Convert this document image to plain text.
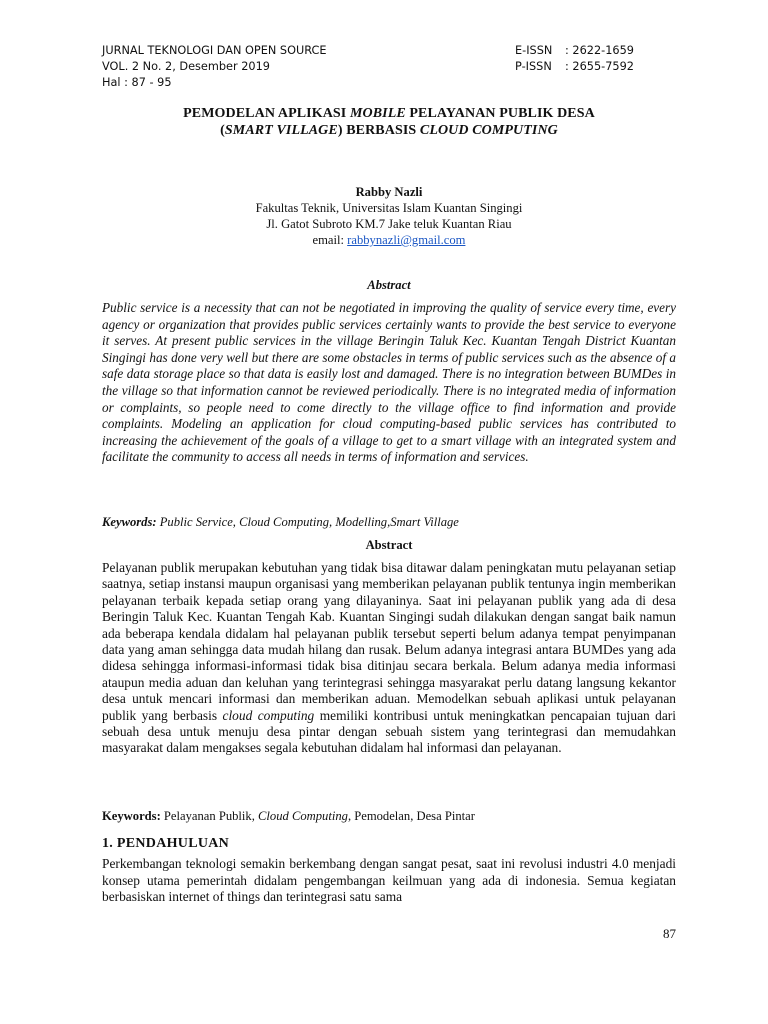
JURNAL TEKNOLOGI DAN OPEN SOURCE
VOL. 2 No. 2, Desember 2019
Hal : 87 - 95
E-ISSN	: 2622-1659
P-ISSN	: 2655-7592
PEMODELAN APLIKASI MOBILE PELAYANAN PUBLIK DESA
(SMART VILLAGE) BERBASIS CLOUD COMPUTING
Rabby Nazli
Fakultas Teknik, Universitas Islam Kuantan Singingi
Jl. Gatot Subroto KM.7 Jake teluk Kuantan Riau
email: rabbynazli@gmail.com
Abstract
Public service is a necessity that can not be negotiated in improving the quality of service every time, every agency or organization that provides public services certainly wants to provide the best service to everyone it serves. At present public services in the village Beringin Taluk Kec. Kuantan Tengah District Kuantan Singingi has done very well but there are some obstacles in terms of public services such as the absence of a safe data storage place so that data is easily lost and damaged. There is no integration between BUMDes in the village so that information cannot be reviewed periodically. There is no integrated media of information or complaints, so people need to come directly to the village office to find information and provide complaints. Modeling an application for cloud computing-based public services has contributed to increasing the achievement of the goals of a village to get to a smart village with an integrated system and facilitate the community to access all needs in terms of information and services.
Keywords: Public Service, Cloud Computing, Modelling,Smart Village
Abstract
Pelayanan publik merupakan kebutuhan yang tidak bisa ditawar dalam peningkatan mutu pelayanan setiap saatnya, setiap instansi maupun organisasi yang memberikan pelayanan publik tentunya ingin memberikan pelayanan terbaik kepada setiap orang yang dilayaninya. Saat ini pelayanan publik yang ada di desa Beringin Taluk Kec. Kuantan Tengah Kab. Kuantan Singingi sudah dilakukan dengan sangat baik namun ada beberapa kendala didalam hal pelayanan publik tersebut seperti belum adanya tempat penyimpanan data yang aman sehingga data mudah hilang dan rusak. Belum adanya integrasi antara BUMDes yang ada didesa sehingga informasi-informasi tidak bisa ditinjau secara berkala. Belum adanya media informasi ataupun media aduan dan keluhan yang terintegrasi sehingga masyarakat perlu datang langsung kekantor desa untuk mencari informasi dan memberikan aduan. Memodelkan sebuah aplikasi untuk pelayanan publik yang berbasis cloud computing memiliki kontribusi untuk meningkatkan pencapaian tujuan dari sebuah desa untuk menuju desa pintar dengan sebuah sistem yang terintegrasi dan memudahkan masyarakat dalam mengakses segala kebutuhan didalam hal informasi dan pelayanan.
Keywords: Pelayanan Publik, Cloud Computing, Pemodelan, Desa Pintar
1. PENDAHULUAN
Perkembangan teknologi semakin berkembang dengan sangat pesat, saat ini revolusi industri 4.0 menjadi konsep utama pemerintah didalam pengembangan keilmuan yang ada di indonesia. Semua kegiatan berbasiskan internet of things dan terintegrasi satu sama
87
